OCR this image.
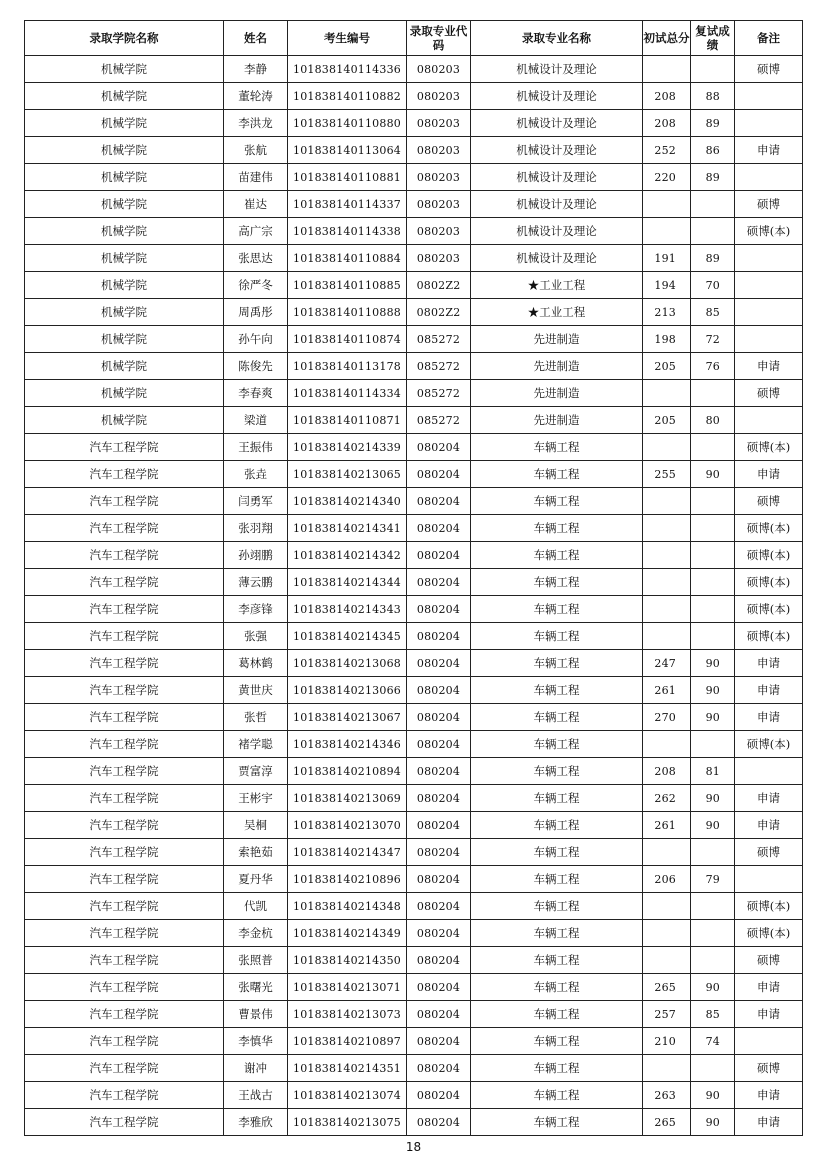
录取学院名称	姓名	考生编号	录取专业代码	录取专业名称	初试总分	复试成绩	备注
机械学院	李静	101838140114336	080203	机械设计及理论			硕博
机械学院	董轮涛	101838140110882	080203	机械设计及理论	208	88	
机械学院	李洪龙	101838140110880	080203	机械设计及理论	208	89	
机械学院	张航	101838140113064	080203	机械设计及理论	252	86	申请
机械学院	苗建伟	101838140110881	080203	机械设计及理论	220	89	
机械学院	崔达	101838140114337	080203	机械设计及理论			硕博
机械学院	高广宗	101838140114338	080203	机械设计及理论			硕博(本)
机械学院	张思达	101838140110884	080203	机械设计及理论	191	89	
机械学院	徐严冬	101838140110885	0802Z2	★工业工程	194	70	
机械学院	周禹彤	101838140110888	0802Z2	★工业工程	213	85	
机械学院	孙午向	101838140110874	085272	先进制造	198	72	
机械学院	陈俊先	101838140113178	085272	先进制造	205	76	申请
机械学院	李春爽	101838140114334	085272	先进制造			硕博
机械学院	梁道	101838140110871	085272	先进制造	205	80	
汽车工程学院	王振伟	101838140214339	080204	车辆工程			硕博(本)
汽车工程学院	张垚	101838140213065	080204	车辆工程	255	90	申请
汽车工程学院	闫勇军	101838140214340	080204	车辆工程			硕博
汽车工程学院	张羽翔	101838140214341	080204	车辆工程			硕博(本)
汽车工程学院	孙翊鹏	101838140214342	080204	车辆工程			硕博(本)
汽车工程学院	薄云鹏	101838140214344	080204	车辆工程			硕博(本)
汽车工程学院	李彦锋	101838140214343	080204	车辆工程			硕博(本)
汽车工程学院	张强	101838140214345	080204	车辆工程			硕博(本)
汽车工程学院	葛林鹤	101838140213068	080204	车辆工程	247	90	申请
汽车工程学院	黄世庆	101838140213066	080204	车辆工程	261	90	申请
汽车工程学院	张哲	101838140213067	080204	车辆工程	270	90	申请
汽车工程学院	褚学聪	101838140214346	080204	车辆工程			硕博(本)
汽车工程学院	贾富淳	101838140210894	080204	车辆工程	208	81	
汽车工程学院	王彬宇	101838140213069	080204	车辆工程	262	90	申请
汽车工程学院	吴桐	101838140213070	080204	车辆工程	261	90	申请
汽车工程学院	索艳茹	101838140214347	080204	车辆工程			硕博
汽车工程学院	夏丹华	101838140210896	080204	车辆工程	206	79	
汽车工程学院	代凯	101838140214348	080204	车辆工程			硕博(本)
汽车工程学院	李金杭	101838140214349	080204	车辆工程			硕博(本)
汽车工程学院	张照普	101838140214350	080204	车辆工程			硕博
汽车工程学院	张曙光	101838140213071	080204	车辆工程	265	90	申请
汽车工程学院	曹景伟	101838140213073	080204	车辆工程	257	85	申请
汽车工程学院	李慎华	101838140210897	080204	车辆工程	210	74	
汽车工程学院	谢冲	101838140214351	080204	车辆工程			硕博
汽车工程学院	王战古	101838140213074	080204	车辆工程	263	90	申请
汽车工程学院	李雅欣	101838140213075	080204	车辆工程	265	90	申请
18
